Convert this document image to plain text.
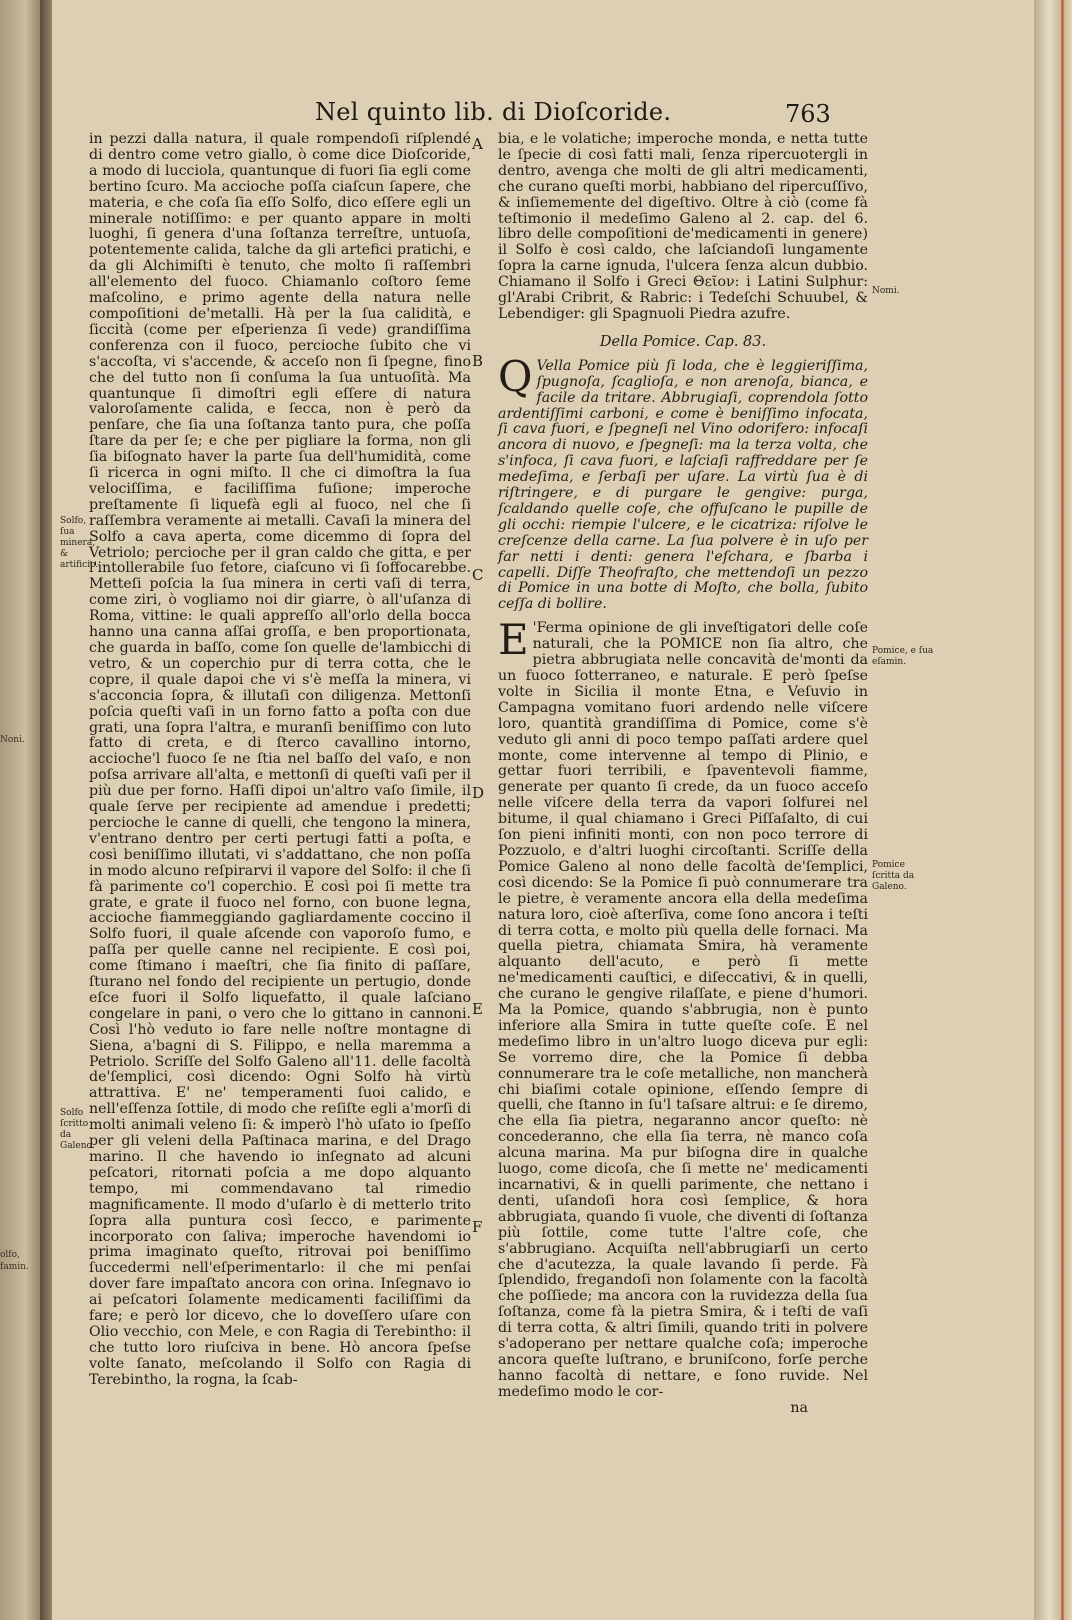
Noni.
olfo,
famin.
Nel quinto lib. di Dioſcoride.	763

in pezzi dalla natura, il quale rompendoſi riſplendé di dentro come vetro giallo, ò come dice Dioſcoride, a modo di lucciola, quantunque di fuori ſia egli come bertino ſcuro. Ma accioche poſſa ciaſcun ſapere, che materia, e che coſa ſia eſſo Solfo, dico eſſere egli un minerale notiſſimo: e per quanto appare in molti luoghi, ſi genera d'una ſoſtanza terreſtre, untuoſa, potentemente calida, talche da gli artefici pratichi, e da gli Alchimiſti è tenuto, che molto ſi raſſembri all'elemento del fuoco. Chiamanlo coſtoro ſeme maſcolino, e primo agente della natura nelle compoſitioni de'metalli. Hà per la ſua calidità, e ſiccità (come per eſperienza ſi vede) grandiſſima conferenza con il fuoco, percioche ſubito che vi s'accoſta, vi s'accende, & acceſo non ſi ſpegne, fino che del tutto non ſi conſuma la ſua untuoſità. Ma quantunque ſi dimoſtri egli eſſere di natura valoroſamente calida, e ſecca, non è però da penſare, che ſia una ſoſtanza tanto pura, che poſſa ſtare da per ſe; e che per pigliare la forma, non gli ſia biſognato haver la parte ſua dell'humidità, come ſi ricerca in ogni miſto. Il che ci dimoſtra la ſua velociſſima, e faciliſſima fuſione; imperoche preſtamente ſi liquefà egli al fuoco, nel che ſi raſſembra veramente ai metalli. Cavaſi la minera del Solfo a cava aperta, come dicemmo di ſopra del Vetriolo; percioche per il gran caldo che gitta, e per l'intollerabile ſuo fetore, ciaſcuno vi ſi ſoffocarebbe. Metteſi poſcia la ſua minera in certi vaſi di terra, come ziri, ò vogliamo noi dir giarre, ò all'uſanza di Roma, vittine: le quali appreſſo all'orlo della bocca hanno una canna aſſai groſſa, e ben proportionata, che guarda in baſſo, come ſon quelle de'lambicchi di vetro, & un coperchio pur di terra cotta, che le copre, il quale dapoi che vi s'è meſſa la minera, vi s'acconcia ſopra, & illutaſi con diligenza. Mettonſi poſcia queſti vaſi in un forno fatto a poſta con due grati, una ſopra l'altra, e muranſi beniſſimo con luto fatto di creta, e di ſterco cavallino intorno, accioche'l fuoco ſe ne ſtia nel baſſo del vaſo, e non poſsa arrivare all'alta, e mettonſi di queſti vaſi per il più due per forno. Haſſi dipoi un'altro vaſo ſimile, il quale ſerve per recipiente ad amendue i predetti; percioche le canne di quelli, che tengono la minera, v'entrano dentro per certi pertugi fatti a poſta, e così beniſſimo illutati, vi s'addattano, che non poſſa in modo alcuno reſpirarvi il vapore del Solfo: il che ſi fà parimente co'l coperchio. E così poi ſi mette tra grate, e grate il fuoco nel forno, con buone legna, accioche fiammeggiando gagliardamente coccino il Solfo fuori, il quale aſcende con vaporoſo fumo, e paſſa per quelle canne nel recipiente. E così poi, come ſtimano i maeſtri, che ſia finito di paſſare, ſturano nel fondo del recipiente un pertugio, donde eſce fuori il Solfo liquefatto, il quale laſciano congelare in pani, o vero che lo gittano in cannoni. Così l'hò veduto io fare nelle noſtre montagne di Siena, a'bagni di S. Filippo, e nella maremma a Petriolo. Scriſſe del Solfo Galeno all'11. delle facoltà de'ſemplici, così dicendo: Ogni Solfo hà virtù attrattiva. E' ne' temperamenti ſuoi calido, e nell'eſſenza ſottile, di modo che reſiſte egli a'morſi di molti animali veleno ſi: & imperò l'hò uſato io ſpeſſo per gli veleni della Paſtinaca marina, e del Drago marino. Il che havendo io inſegnato ad alcuni peſcatori, ritornati poſcia a me dopo alquanto tempo, mi commendavano tal rimedio magnificamente. Il modo d'uſarlo è di metterlo trito ſopra alla puntura così ſecco, e parimente incorporato con ſaliva; imperoche havendomi io prima imaginato queſto, ritrovai poi beniſſimo ſuccedermi nell'eſperimentarlo: il che mi penſai dover fare impaſtato ancora con orina. Inſegnavo io ai peſcatori ſolamente medicamenti faciliſſimi da fare; e però lor dicevo, che lo doveſſero uſare con Olio vecchio, con Mele, e con Ragia di Terebintho: il che tutto loro riuſciva in bene. Hò ancora ſpeſse volte ſanato, meſcolando il Solfo con Ragia di Terebintho, la rogna, la ſcab-

bia, e le volatiche; imperoche monda, e netta tutte le ſpecie di così fatti mali, ſenza ripercuotergli in dentro, avenga che molti de gli altri medicamenti, che curano queſti morbi, habbiano del ripercuſſivo, & inſiememente del digeſtivo. Oltre à ciò (come fà teſtimonio il medeſimo Galeno al 2. cap. del 6. libro delle compoſitioni de'medicamenti in genere) il Solfo è così caldo, che laſciandoſi lungamente ſopra la carne ignuda, l'ulcera ſenza alcun dubbio. Chiamano il Solfo i Greci Θεῖον: i Latini Sulphur: gl'Arabi Cribrit, & Rabric: i Tedeſchi Schuubel, & Lebendiger: gli Spagnuoli Piedra azufre.

Della Pomice. Cap. 83.

Q Vella Pomice più ſi loda, che è leggieriſſima, ſpugnoſa, ſcaglioſa, e non arenoſa, bianca, e facile da tritare. Abbrugiaſi, coprendola ſotto ardentiſſimi carboni, e come è beniſſimo infocata, ſi cava fuori, e ſpegneſi nel Vino odorifero: infocaſi ancora di nuovo, e ſpegneſi: ma la terza volta, che s'infoca, ſi cava fuori, e laſciaſi raffreddare per ſe medeſima, e ſerbaſi per uſare. La virtù ſua è di riſtringere, e di purgare le gengive: purga, ſcaldando quelle coſe, che offuſcano le pupille de gli occhi: riempie l'ulcere, e le cicatriza: riſolve le creſcenze della carne. La ſua polvere è in uſo per far netti i denti: genera l'eſchara, e ſbarba i capelli. Diſſe Theofraſto, che mettendoſi un pezzo di Pomice in una botte di Moſto, che bolla, ſubito ceſſa di bollire.

E 'Ferma opinione de gli inveſtigatori delle coſe naturali, che la POMICE non ſia altro, che pietra abbrugiata nelle concavità de'monti da un fuoco ſotterraneo, e naturale. E però ſpeſse volte in Sicilia il monte Etna, e Veſuvio in Campagna vomitano fuori ardendo nelle viſcere loro, quantità grandiſſima di Pomice, come s'è veduto gli anni di poco tempo paſſati ardere quel monte, come intervenne al tempo di Plinio, e gettar fuori terribili, e ſpaventevoli fiamme, generate per quanto ſi crede, da un fuoco acceſo nelle viſcere della terra da vapori ſolfurei nel bitume, il qual chiamano i Greci Piſſaſalto, di cui ſon pieni infiniti monti, con non poco terrore di Pozzuolo, e d'altri luoghi circoſtanti. Scriſſe della Pomice Galeno al nono delle facoltà de'ſemplici, così dicendo: Se la Pomice ſi può connumerare tra le pietre, è veramente ancora ella della medeſima natura loro, cioè aſterſiva, come ſono ancora i teſti di terra cotta, e molto più quella delle fornaci. Ma quella pietra, chiamata Smira, hà veramente alquanto dell'acuto, e però ſi mette ne'medicamenti cauſtici, e diſeccativi, & in quelli, che curano le gengive rilaſſate, e piene d'humori. Ma la Pomice, quando s'abbrugia, non è punto inferiore alla Smira in tutte queſte coſe. E nel medeſimo libro in un'altro luogo diceva pur egli: Se vorremo dire, che la Pomice ſi debba connumerare tra le coſe metalliche, non mancherà chi biaſimi cotale opinione, eſſendo ſempre di quelli, che ſtanno in ſu'l taſsare altrui: e ſe diremo, che ella ſia pietra, negaranno ancor queſto: nè concederanno, che ella ſia terra, nè manco coſa alcuna marina. Ma pur biſogna dire in qualche luogo, come dicoſa, che ſi mette ne' medicamenti incarnativi, & in quelli parimente, che nettano i denti, uſandoſi hora così ſemplice, & hora abbrugiata, quando ſi vuole, che diventi di ſoſtanza più ſottile, come tutte l'altre coſe, che s'abbrugiano. Acquiſta nell'abbrugiarſi un certo che d'acutezza, la quale lavando ſi perde. Fà ſplendido, fregandoſi non ſolamente con la facoltà che poſſiede; ma ancora con la ruvidezza della ſua ſoſtanza, come fà la pietra Smira, & i teſti de vaſi di terra cotta, & altri ſimili, quando triti in polvere s'adoperano per nettare qualche coſa; imperoche ancora queſte luſtrano, e bruniſcono, forſe perche hanno facoltà di nettare, e ſono ruvide. Nel medeſimo modo le cor-

na

A
B
C
D
E
F
Solfo, ſua minera, & artificio.
Solfo ſcritto da Galeno.
Nomi.
Pomice, e ſua eſamin.
Pomice ſcritta da Galeno.
